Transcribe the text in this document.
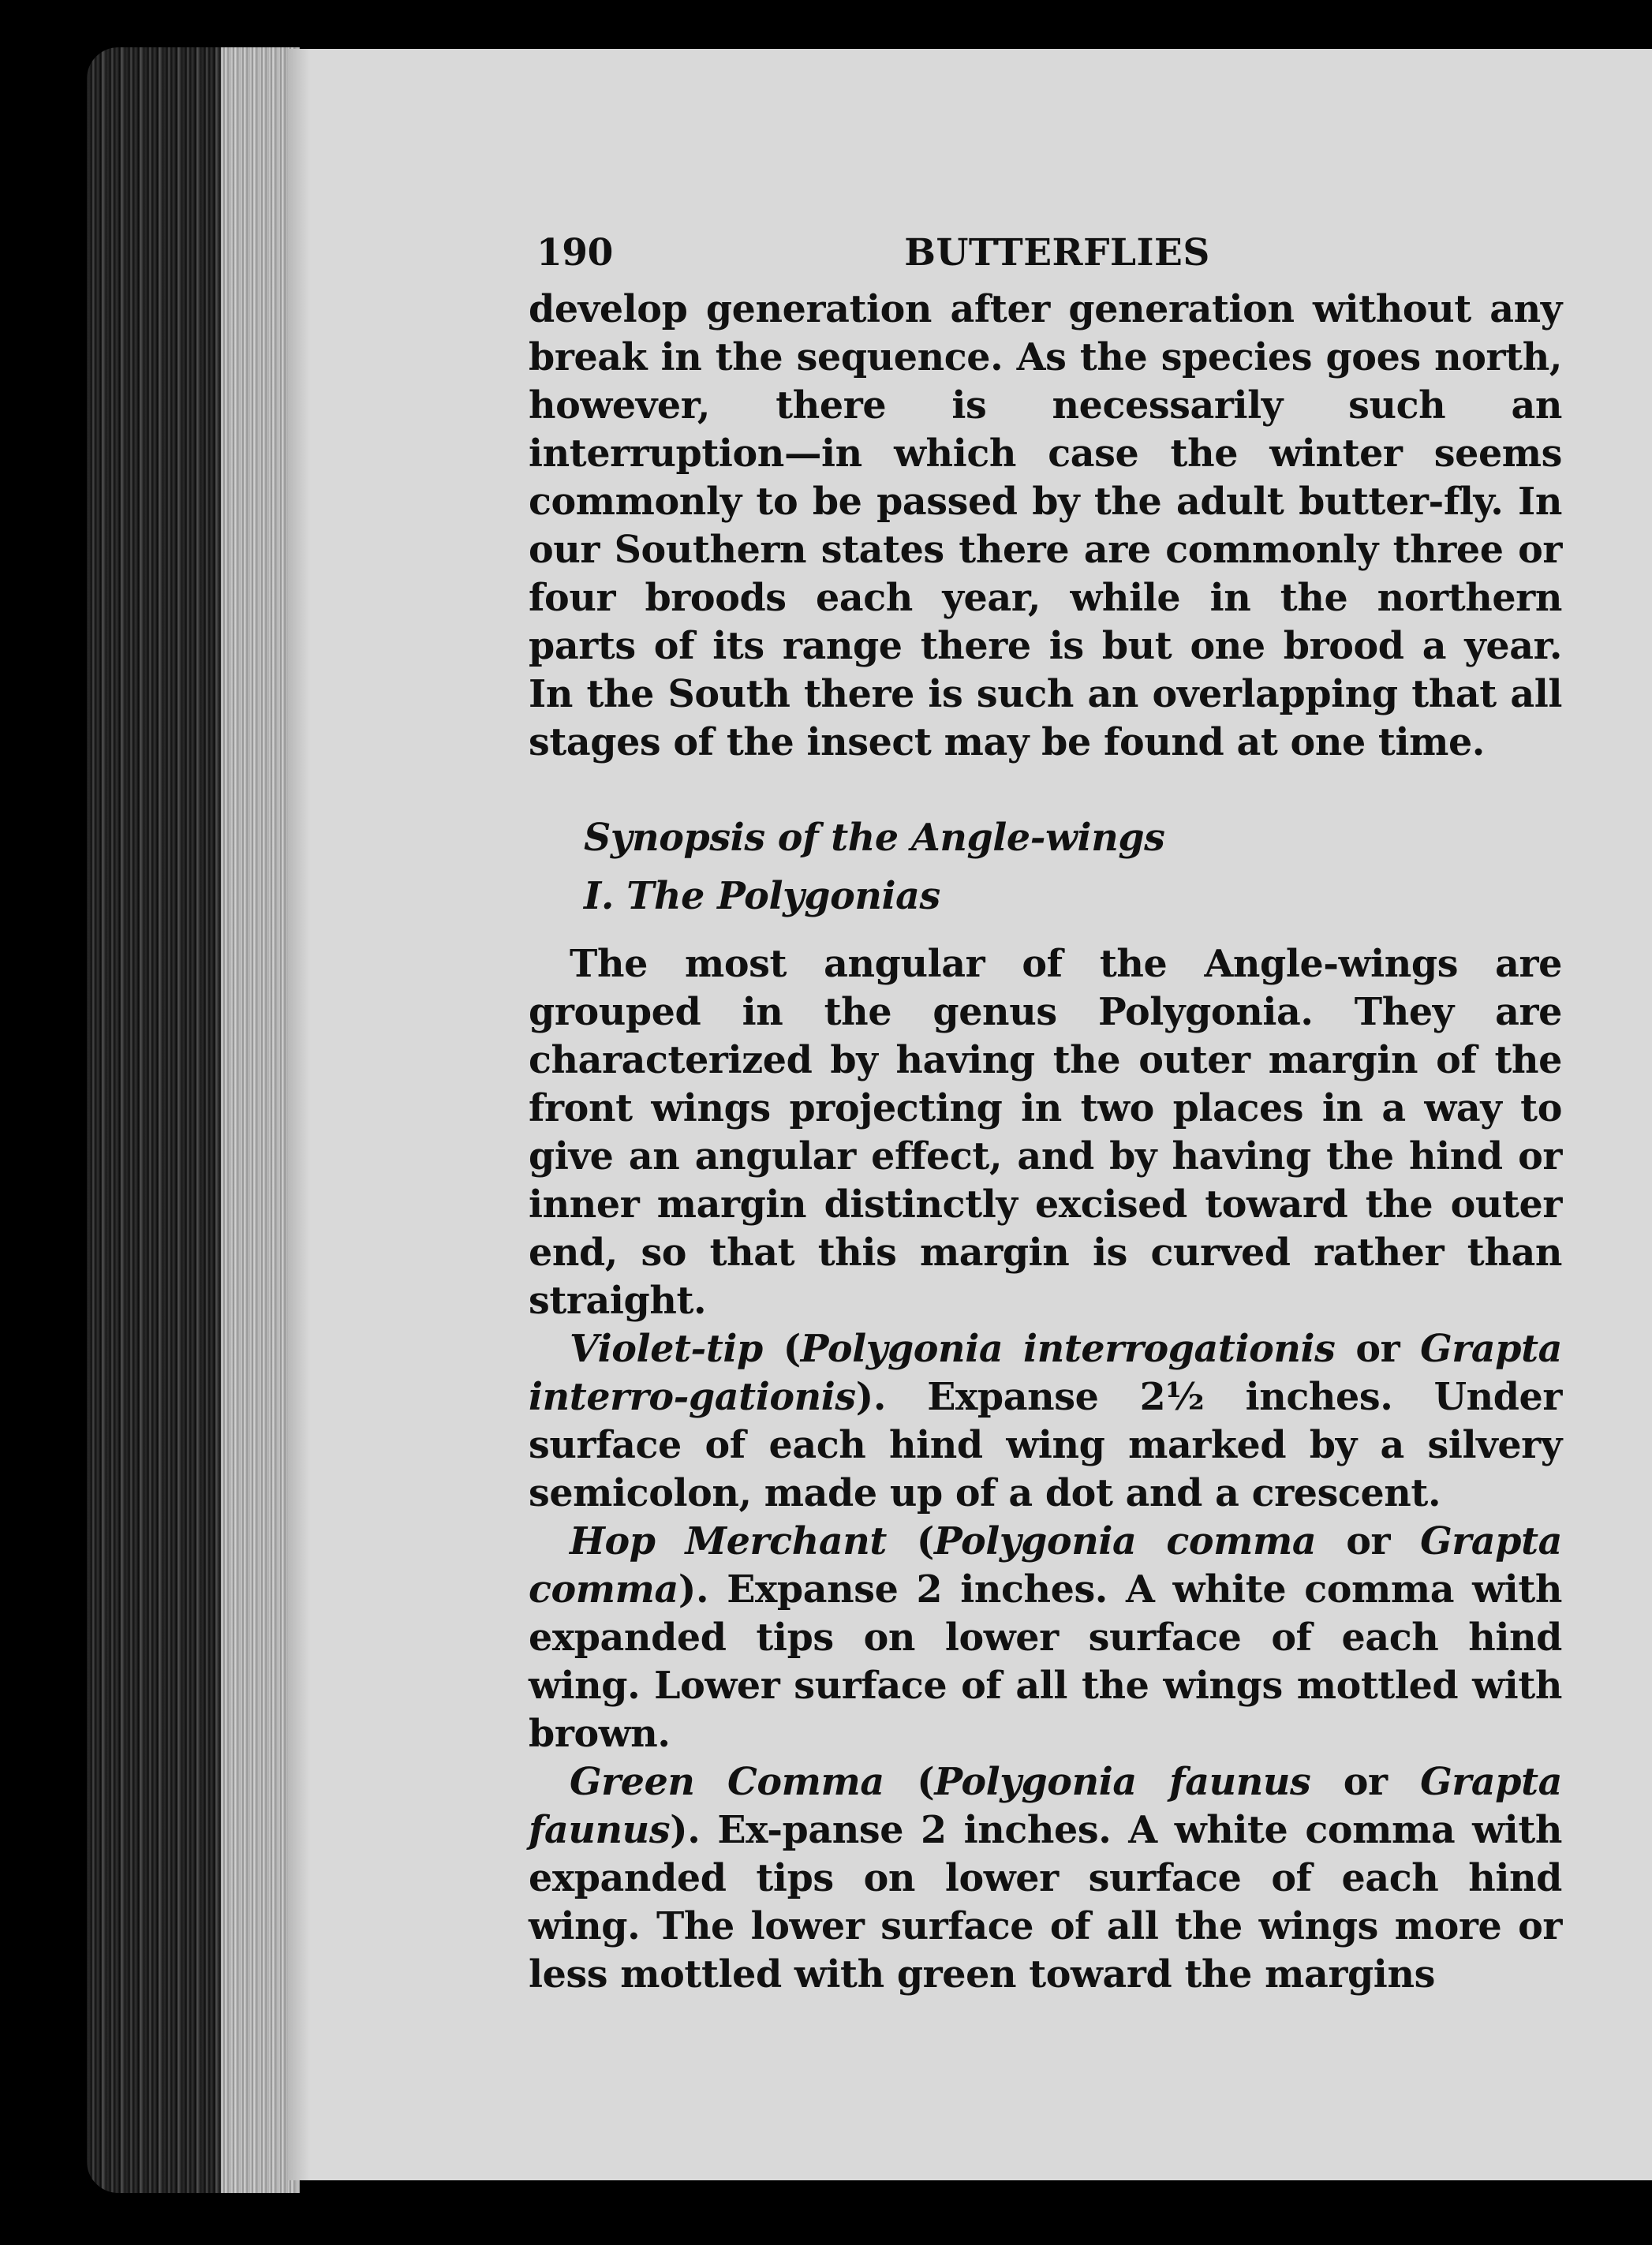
190	BUTTERFLIES

develop generation after generation without any break in the sequence. As the species goes north, however, there is necessarily such an interruption—in which case the winter seems commonly to be passed by the adult butter-fly. In our Southern states there are commonly three or four broods each year, while in the northern parts of its range there is but one brood a year. In the South there is such an overlapping that all stages of the insect may be found at one time.

Synopsis of the Angle-wings

I. The Polygonias

The most angular of the Angle-wings are grouped in the genus Polygonia. They are characterized by having the outer margin of the front wings projecting in two places in a way to give an angular effect, and by having the hind or inner margin distinctly excised toward the outer end, so that this margin is curved rather than straight.

Violet-tip (Polygonia interrogationis or Grapta interro-gationis). Expanse 2½ inches. Under surface of each hind wing marked by a silvery semicolon, made up of a dot and a crescent.

Hop Merchant (Polygonia comma or Grapta comma). Expanse 2 inches. A white comma with expanded tips on lower surface of each hind wing. Lower surface of all the wings mottled with brown.

Green Comma (Polygonia faunus or Grapta faunus). Ex-panse 2 inches. A white comma with expanded tips on lower surface of each hind wing. The lower surface of all the wings more or less mottled with green toward the margins
